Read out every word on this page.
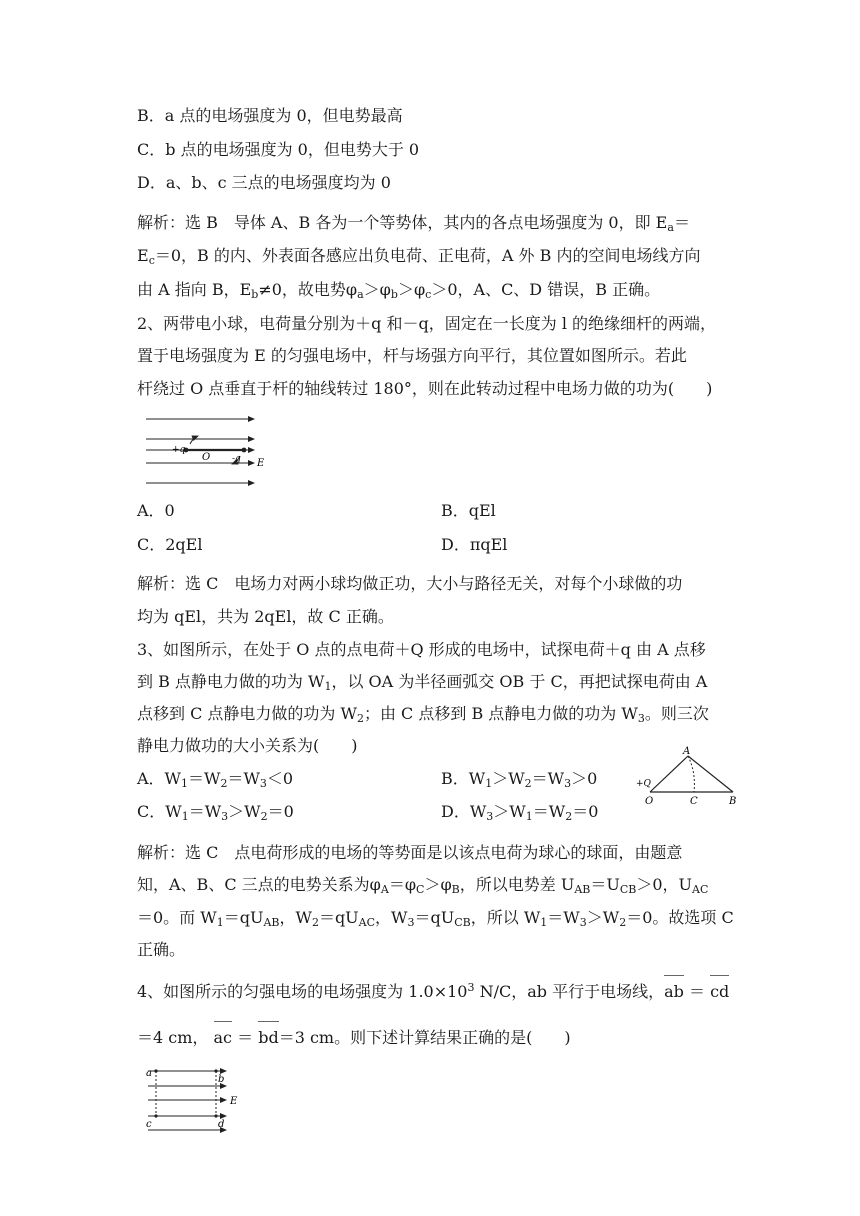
B．a 点的电场强度为 0，但电势最高
C．b 点的电场强度为 0，但电势大于 0
D．a、b、c 三点的电场强度均为 0
解析：选 B　导体 A、B 各为一个等势体，其内的各点电场强度为 0，即 $E_a=$
$E_c=0$，B 的内、外表面各感应出负电荷、正电荷，A 外 B 内的空间电场线方向
由 A 指向 B，$E_b\ne 0$，故电势$\varphi_a>\varphi_b>\varphi_c>0$，A、C、D 错误，B 正确。
2、两带电小球，电荷量分别为＋q 和－q，固定在一长度为 l 的绝缘细杆的两端，
置于电场强度为 E 的匀强电场中，杆与场强方向平行，其位置如图所示。若此
杆绕过 O 点垂直于杆的轴线转过 180°，则在此转动过程中电场力做的功为(　　)
+q
O -q E
A．0	B．qEl
C．2qEl	D．πqEl
解析：选 C　电场力对两小球均做正功，大小与路径无关，对每个小球做的功
均为 qEl，共为 2qEl，故 C 正确。
3、如图所示，在处于 O 点的点电荷＋Q 形成的电场中，试探电荷＋q 由 A 点移
到 B 点静电力做的功为 $W_1$，以 OA 为半径画弧交 OB 于 C，再把试探电荷由 A
点移到 C 点静电力做的功为 $W_2$；由 C 点移到 B 点静电力做的功为 $W_3$。则三次
静电力做功的大小关系为(　　)
A．$W_1=W_2=W_3<0$	B．$W_1>W_2=W_3>0$
C．$W_1=W_3>W_2=0$	D．$W_3>W_1=W_2=0$
A
+Q
O	C	B
解析：选 C　点电荷形成的电场的等势面是以该点电荷为球心的球面，由题意
知，A、B、C 三点的电势关系为$\varphi_A=\varphi_C>\varphi_B$，所以电势差 $U_{AB}=U_{CB}>0$，$U_{AC}$
＝0。而 $W_1=qU_{AB}$，$W_2=qU_{AC}$，$W_3=qU_{CB}$，所以 $W_1=W_3>W_2=0$。故选项 C
正确。
4、如图所示的匀强电场的电场强度为 $1.0\times 10^3$ N/C，ab 平行于电场线，ab ＝ cd
＝4 cm， ac ＝ bd＝3 cm。则下述计算结果正确的是(　　)
a
b
E
c	d
